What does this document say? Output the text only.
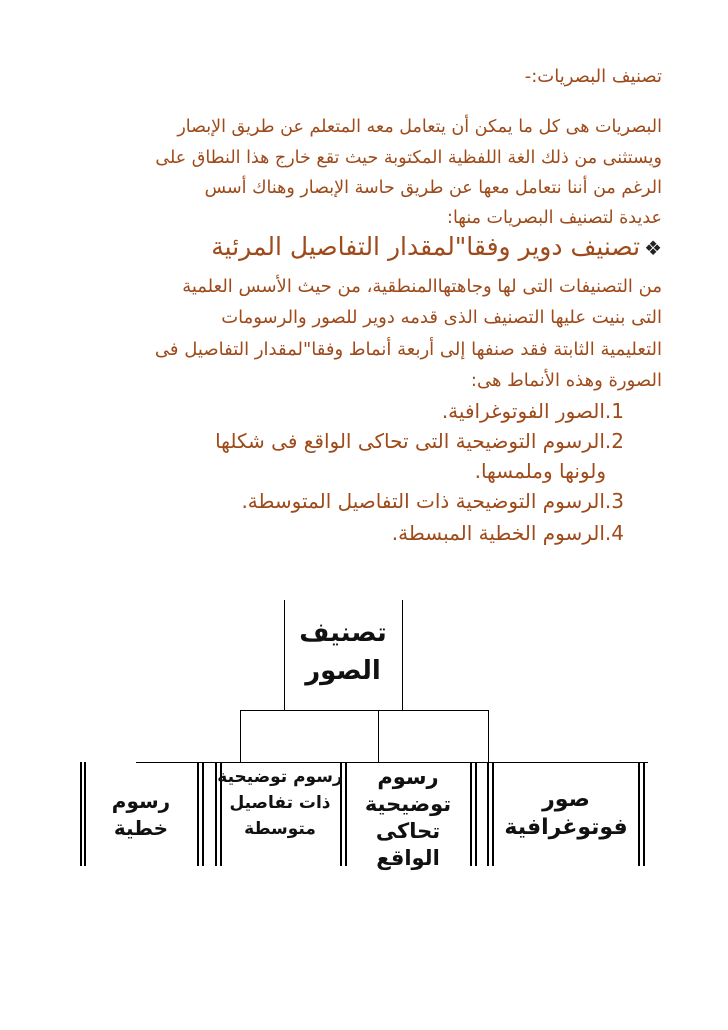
تصنيف البصريات:-
البصريات هى كل ما يمكن أن يتعامل معه المتعلم عن طريق الإبصار
ويستثنى من ذلك الغة اللفظية المكتوبة حيث تقع خارج هذا النطاق على
الرغم من أننا نتعامل معها عن طريق حاسة الإبصار وهناك أسس
عديدة لتصنيف البصريات منها:
❖تصنيف دوير وفقا"لمقدار التفاصيل المرئية
من التصنيفات التى لها وجاهتهاالمنطقية، من حيث الأسس العلمية
التى بنيت عليها التصنيف الذى قدمه دوير للصور والرسومات
التعليمية الثابتة فقد صنفها إلى أربعة أنماط وفقا"لمقدار التفاصيل فى
الصورة وهذه الأنماط هى:
1.الصور الفوتوغرافية.
2.الرسوم التوضيحية التى تحاكى الواقع فى شكلها
ولونها وملمسها.
3.الرسوم التوضيحية ذات التفاصيل المتوسطة.
4.الرسوم الخطية المبسطة.
تصنيف
الصور
صور
فوتوغرافية
رسوم
توضيحية
تحاكى الواقع
رسوم توضيحية
ذات تفاصيل
متوسطة
رسوم
خطية
